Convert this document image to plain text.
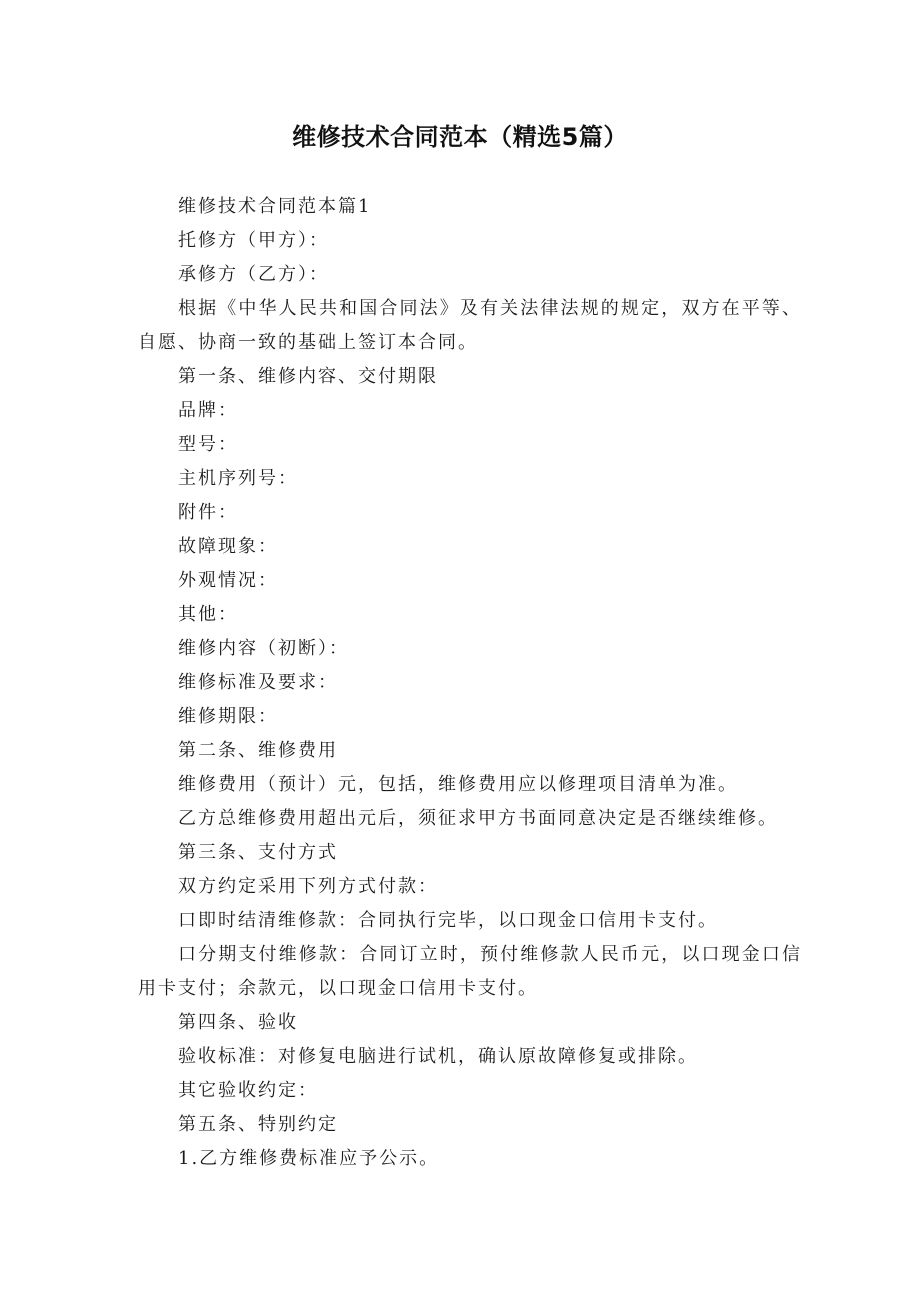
维修技术合同范本（精选5篇）

维修技术合同范本篇1

托修方（甲方）：

承修方（乙方）：

根据《中华人民共和国合同法》及有关法律法规的规定，双方在平等、自愿、协商一致的基础上签订本合同。

第一条、维修内容、交付期限

品牌：

型号：

主机序列号：

附件：

故障现象：

外观情况：

其他：

维修内容（初断）：

维修标准及要求：

维修期限：

第二条、维修费用

维修费用（预计）元，包括，维修费用应以修理项目清单为准。

乙方总维修费用超出元后，须征求甲方书面同意决定是否继续维修。

第三条、支付方式

双方约定采用下列方式付款：

口即时结清维修款：合同执行完毕，以口现金口信用卡支付。

口分期支付维修款：合同订立时，预付维修款人民币元，以口现金口信用卡支付；余款元，以口现金口信用卡支付。

第四条、验收

验收标准：对修复电脑进行试机，确认原故障修复或排除。

其它验收约定：

第五条、特别约定

1.乙方维修费标准应予公示。
